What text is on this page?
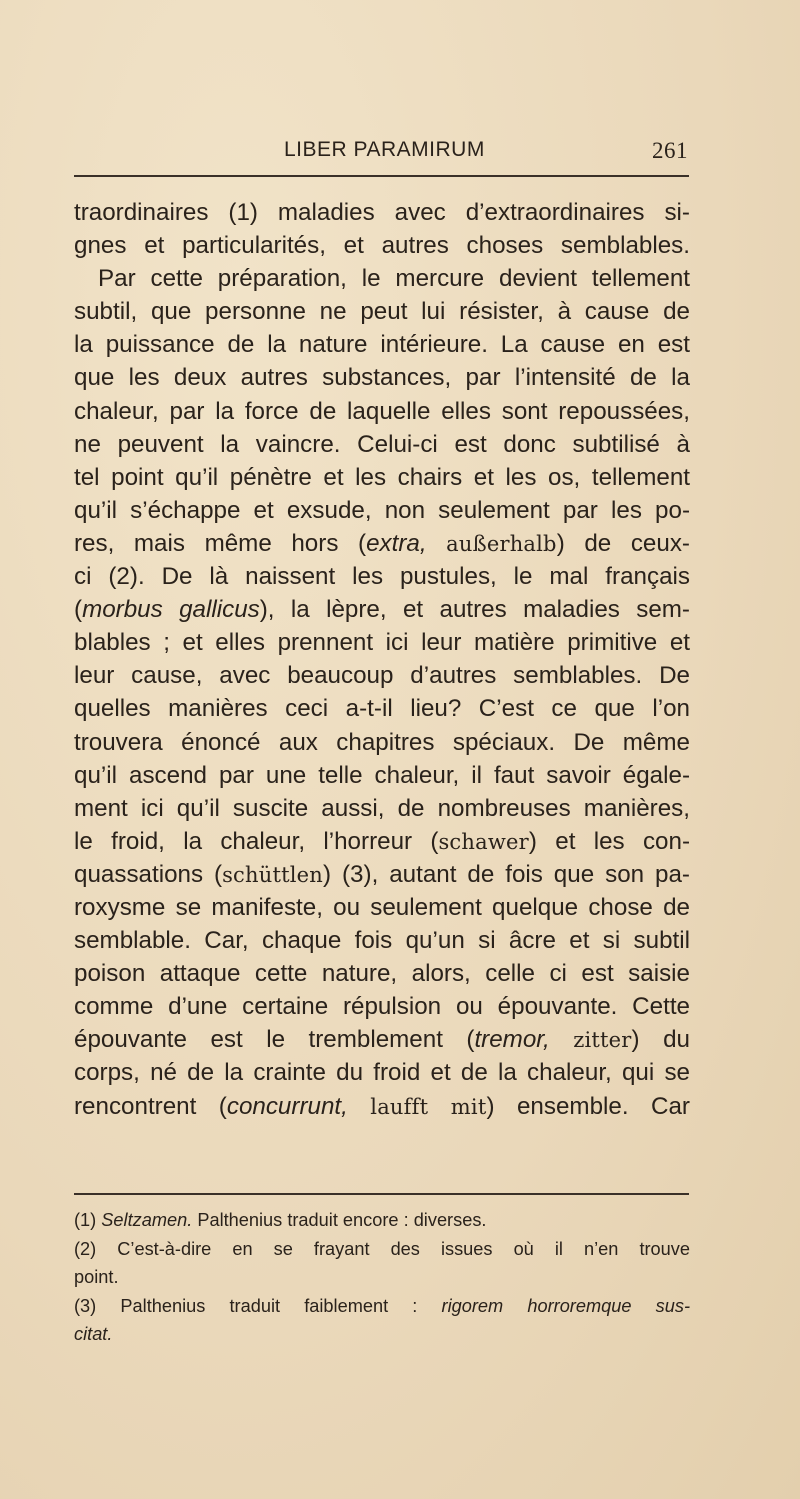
LIBER PARAMIRUM	261
traordinaires (1) maladies avec d’extraordinaires si-
gnes et particularités, et autres choses semblables.
Par cette préparation, le mercure devient tellement
subtil, que personne ne peut lui résister, à cause de
la puissance de la nature intérieure. La cause en est
que les deux autres substances, par l’intensité de la
chaleur, par la force de laquelle elles sont repoussées,
ne peuvent la vaincre. Celui-ci est donc subtilisé à
tel point qu’il pénètre et les chairs et les os, tellement
qu’il s’échappe et exsude, non seulement par les po-
res, mais même hors (extra, außerhalb) de ceux-
ci (2). De là naissent les pustules, le mal français
(morbus gallicus), la lèpre, et autres maladies sem-
blables ; et elles prennent ici leur matière primitive et
leur cause, avec beaucoup d’autres semblables. De
quelles manières ceci a-t-il lieu? C’est ce que l’on
trouvera énoncé aux chapitres spéciaux. De même
qu’il ascend par une telle chaleur, il faut savoir égale-
ment ici qu’il suscite aussi, de nombreuses manières,
le froid, la chaleur, l’horreur (schawer) et les con-
quassations (schüttlen) (3), autant de fois que son pa-
roxysme se manifeste, ou seulement quelque chose de
semblable. Car, chaque fois qu’un si âcre et si subtil
poison attaque cette nature, alors, celle ci est saisie
comme d’une certaine répulsion ou épouvante. Cette
épouvante est le tremblement (tremor, zitter) du
corps, né de la crainte du froid et de la chaleur, qui se
rencontrent (concurrunt, laufft mit) ensemble. Car
(1) Seltzamen. Palthenius traduit encore : diverses.
(2) C’est-à-dire en se frayant des issues où il n’en trouve
point.
(3) Palthenius traduit faiblement : rigorem horroremque sus-
citat.
